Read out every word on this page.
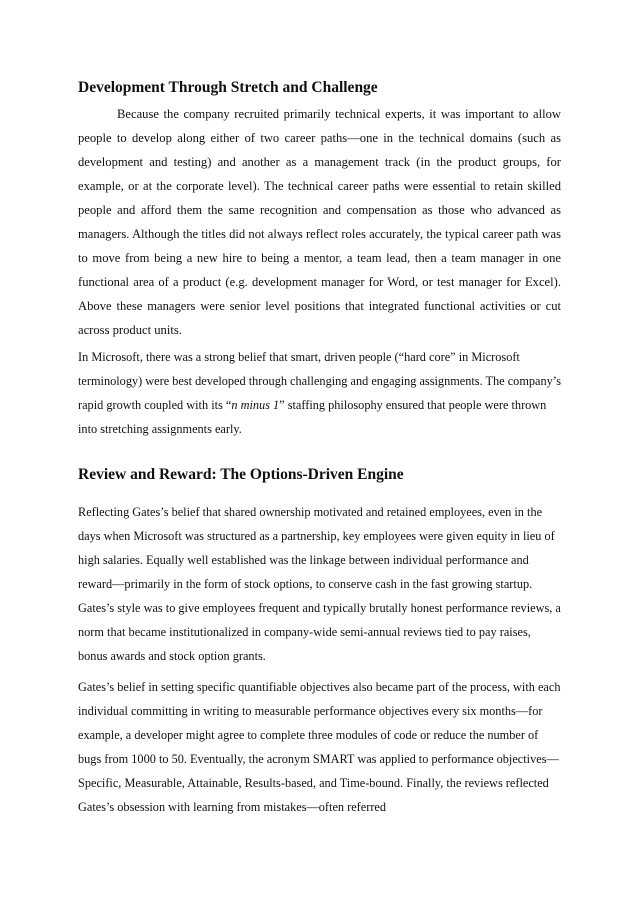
Development Through Stretch and Challenge

Because the company recruited primarily technical experts, it was important to allow people to develop along either of two career paths—one in the technical domains (such as development and testing) and another as a management track (in the product groups, for example, or at the corporate level). The technical career paths were essential to retain skilled people and afford them the same recognition and compensation as those who advanced as managers. Although the titles did not always reflect roles accurately, the typical career path was to move from being a new hire to being a mentor, a team lead, then a team manager in one functional area of a product (e.g. development manager for Word, or test manager for Excel). Above these managers were senior level positions that integrated functional activities or cut across product units.

In Microsoft, there was a strong belief that smart, driven people (“hard core” in Microsoft terminology) were best developed through challenging and engaging assignments. The company’s rapid growth coupled with its “n minus 1” staffing philosophy ensured that people were thrown into stretching assignments early.

Review and Reward: The Options-Driven Engine

Reflecting Gates’s belief that shared ownership motivated and retained employees, even in the days when Microsoft was structured as a partnership, key employees were given equity in lieu of high salaries. Equally well established was the linkage between individual performance and reward—primarily in the form of stock options, to conserve cash in the fast growing startup. Gates’s style was to give employees frequent and typically brutally honest performance reviews, a norm that became institutionalized in company-wide semi-annual reviews tied to pay raises, bonus awards and stock option grants.

Gates’s belief in setting specific quantifiable objectives also became part of the process, with each individual committing in writing to measurable performance objectives every six months—for example, a developer might agree to complete three modules of code or reduce the number of bugs from 1000 to 50. Eventually, the acronym SMART was applied to performance objectives—Specific, Measurable, Attainable, Results-based, and Time-bound. Finally, the reviews reflected Gates’s obsession with learning from mistakes—often referred
